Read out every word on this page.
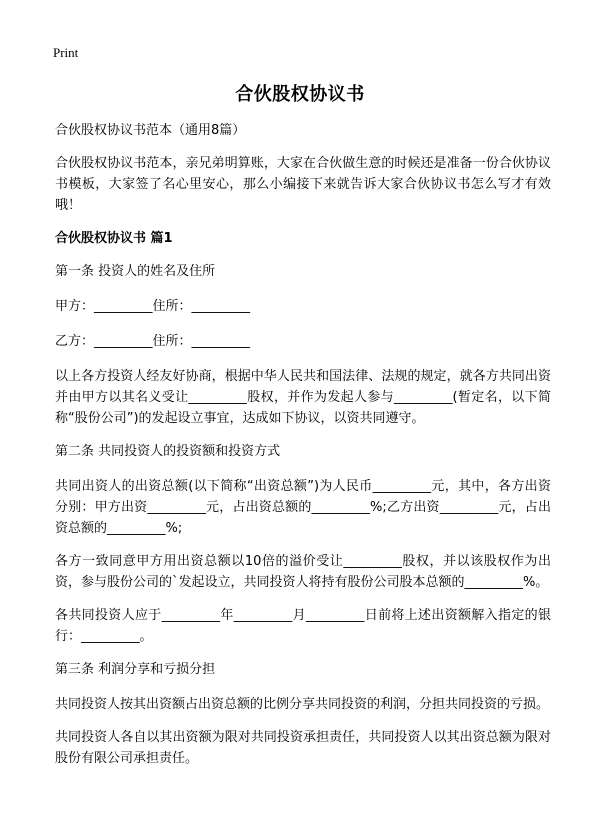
Print
合伙股权协议书

合伙股权协议书范本（通用8篇）

合伙股权协议书范本，亲兄弟明算账，大家在合伙做生意的时候还是准备一份合伙协议书模板，大家签了名心里安心，那么小编接下来就告诉大家合伙协议书怎么写才有效哦！

合伙股权协议书 篇1

第一条 投资人的姓名及住所

甲方：_________住所：_________

乙方：_________住所：_________

以上各方投资人经友好协商，根据中华人民共和国法律、法规的规定，就各方共同出资并由甲方以其名义受让_________股权，并作为发起人参与_________(暂定名，以下简称“股份公司”)的发起设立事宜，达成如下协议，以资共同遵守。

第二条 共同投资人的投资额和投资方式

共同出资人的出资总额(以下简称“出资总额”)为人民币_________元，其中，各方出资分别：甲方出资_________元，占出资总额的_________%;乙方出资_________元，占出资总额的_________%;

各方一致同意甲方用出资总额以10倍的溢价受让_________股权，并以该股权作为出资，参与股份公司的`发起设立，共同投资人将持有股份公司股本总额的_________%。

各共同投资人应于_________年_________月_________日前将上述出资额解入指定的银行：_________。

第三条 利润分享和亏损分担

共同投资人按其出资额占出资总额的比例分享共同投资的利润，分担共同投资的亏损。

共同投资人各自以其出资额为限对共同投资承担责任，共同投资人以其出资总额为限对股份有限公司承担责任。
